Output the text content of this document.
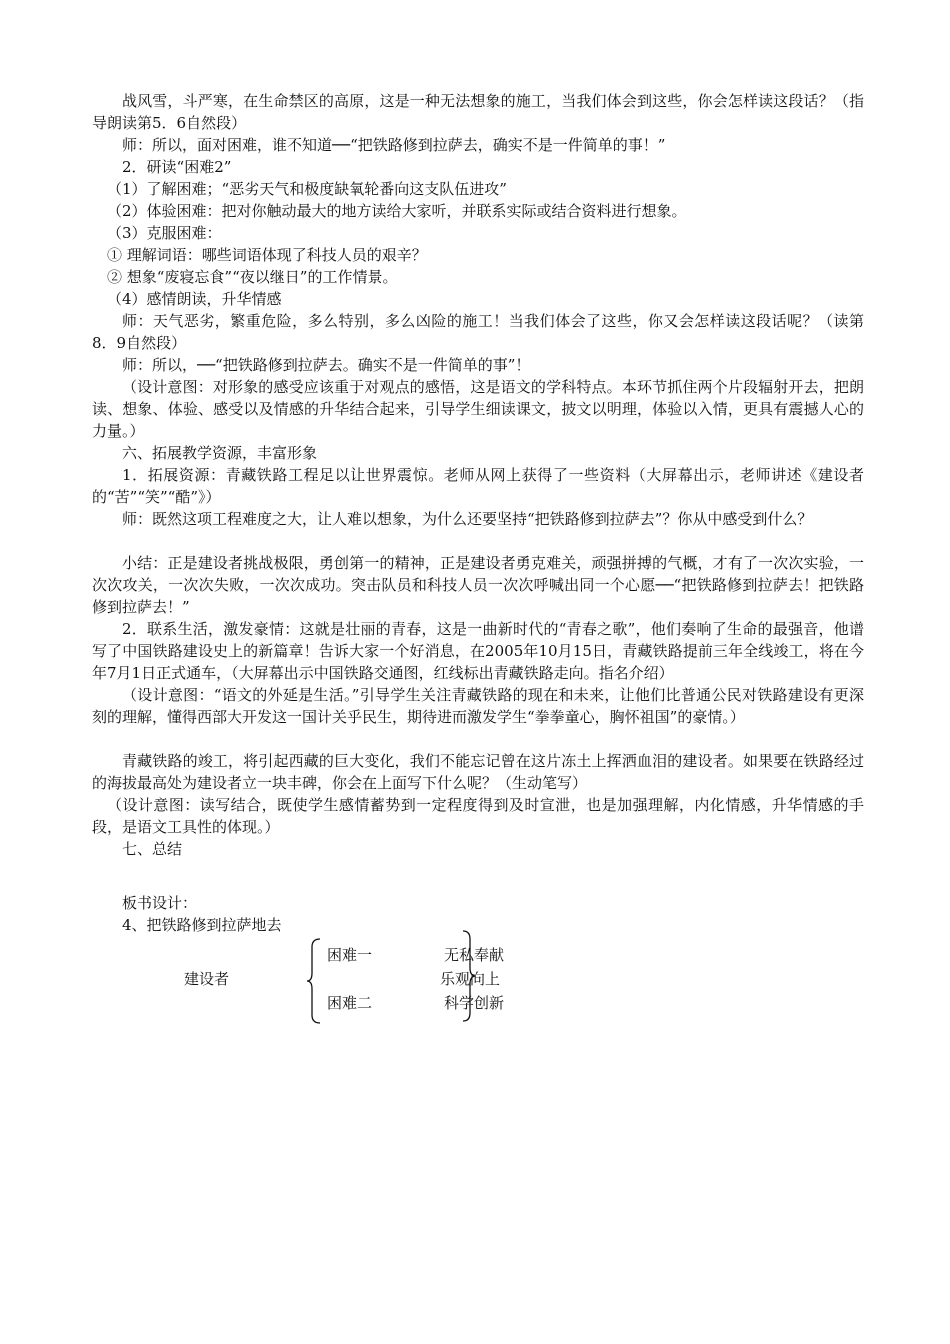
战风雪，斗严寒，在生命禁区的高原，这是一种无法想象的施工，当我们体会到这些，你会怎样读这段话？（指导朗读第5．6自然段）

师：所以，面对困难，谁不知道──“把铁路修到拉萨去，确实不是一件简单的事！”

2．研读“困难2”

（1）了解困难；“恶劣天气和极度缺氧轮番向这支队伍进攻”

（2）体验困难：把对你触动最大的地方读给大家听，并联系实际或结合资料进行想象。

（3）克服困难：

① 理解词语：哪些词语体现了科技人员的艰辛？

② 想象“废寝忘食”“夜以继日”的工作情景。

（4）感情朗读，升华情感

师：天气恶劣，繁重危险，多么特别，多么凶险的施工！当我们体会了这些，你又会怎样读这段话呢？（读第8．9自然段）

师：所以，──“把铁路修到拉萨去。确实不是一件简单的事”！

（设计意图：对形象的感受应该重于对观点的感悟，这是语文的学科特点。本环节抓住两个片段辐射开去，把朗读、想象、体验、感受以及情感的升华结合起来，引导学生细读课文，披文以明理，体验以入情，更具有震撼人心的力量。）

六、拓展教学资源，丰富形象

1．拓展资源：青藏铁路工程足以让世界震惊。老师从网上获得了一些资料（大屏幕出示，老师讲述《建设者的“苦”“笑”“酷”》）

师：既然这项工程难度之大，让人难以想象，为什么还要坚持“把铁路修到拉萨去”？你从中感受到什么？

小结：正是建设者挑战极限，勇创第一的精神，正是建设者勇克难关，顽强拼搏的气概，才有了一次次实验，一次次攻关，一次次失败，一次次成功。突击队员和科技人员一次次呼喊出同一个心愿──“把铁路修到拉萨去！把铁路修到拉萨去！”

2．联系生活，激发豪情：这就是壮丽的青春，这是一曲新时代的“青春之歌”，他们奏响了生命的最强音，他谱写了中国铁路建设史上的新篇章！告诉大家一个好消息，在2005年10月15日，青藏铁路提前三年全线竣工，将在今年7月1日正式通车，（大屏幕出示中国铁路交通图，红线标出青藏铁路走向。指名介绍）

（设计意图：“语文的外延是生活。”引导学生关注青藏铁路的现在和未来，让他们比普通公民对铁路建设有更深刻的理解，懂得西部大开发这一国计关乎民生，期待进而激发学生“拳拳童心，胸怀祖国”的豪情。）

青藏铁路的竣工，将引起西藏的巨大变化，我们不能忘记曾在这片冻土上挥洒血泪的建设者。如果要在铁路经过的海拔最高处为建设者立一块丰碑，你会在上面写下什么呢？（生动笔写）

（设计意图：读写结合，既使学生感情蓄势到一定程度得到及时宣泄，也是加强理解，内化情感，升华情感的手段，是语文工具性的体现。）

七、总结

板书设计：
4、把铁路修到拉萨地去
建设者
困难一
困难二
无私奉献
乐观向上
科学创新
